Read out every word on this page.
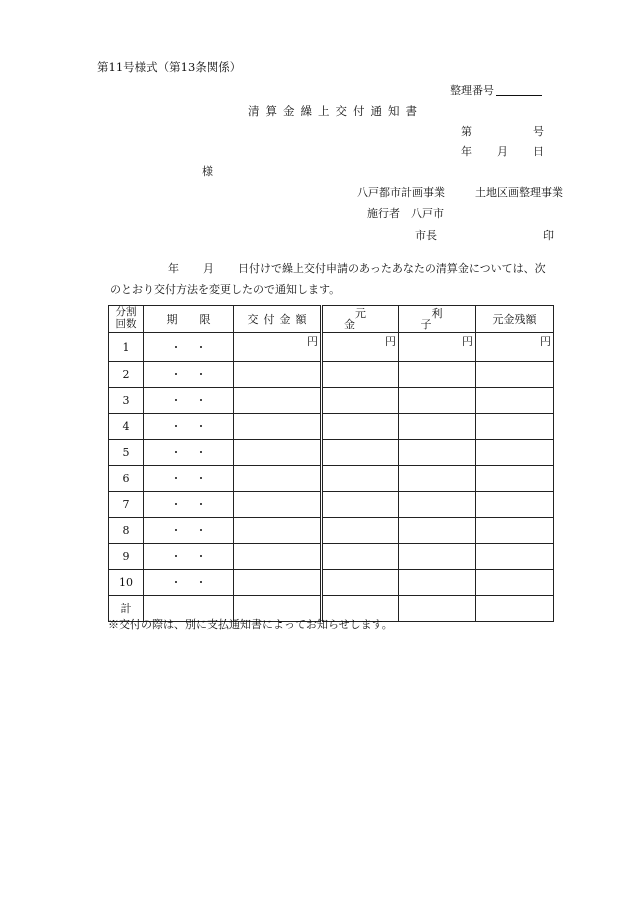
第11号様式（第13条関係）
整理番号
清算金繰上交付通知書
第	号
年 月 日
様
八戸都市計画事業	土地区画整理事業
施行者　八戸市
市長	印
年 月 日付けで繰上交付申請のあったあなたの清算金については、次
のとおり交付方法を変更したので通知します。
分割
回数	期限	交付金額	元金	利子	元金残額
1	・・	円	円	円	円
2	・・				
3	・・				
4	・・				
5	・・				
6	・・				
7	・・				
8	・・				
9	・・				
10	・・				
計					
※交付の際は、別に支払通知書によってお知らせします。
